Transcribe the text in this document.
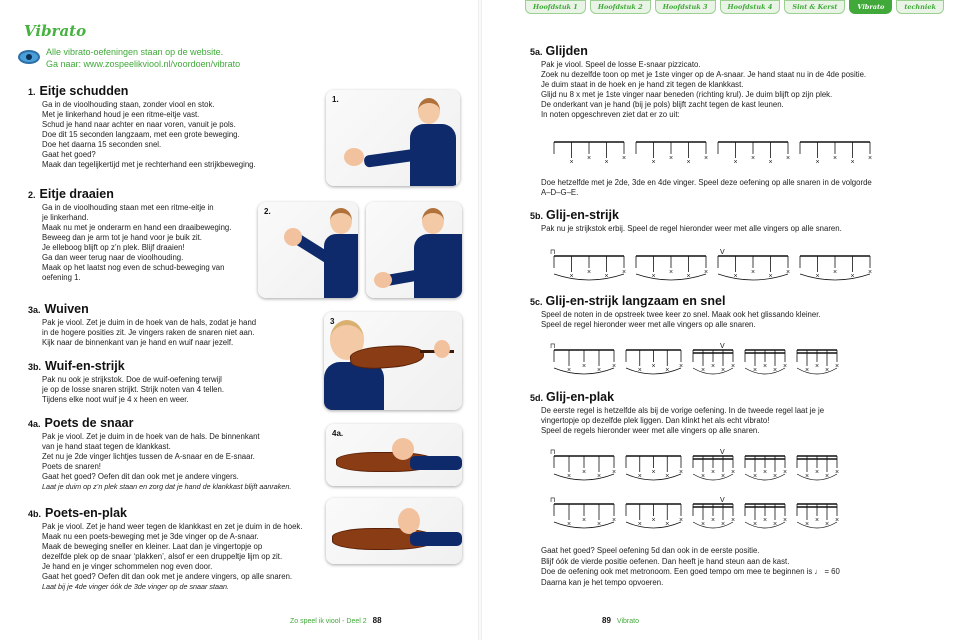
Vibrato
Alle vibrato-oefeningen staan op de website.
Ga naar: www.zospeelikviool.nl/voordoen/vibrato
1. Eitje schudden

Ga in de vioolhouding staan, zonder viool en stok.

Met je linkerhand houd je een ritme-eitje vast.

Schud je hand naar achter en naar voren, vanuit je pols.

Doe dit 15 seconden langzaam, met een grote beweging.

Doe het daarna 15 seconden snel.

Gaat het goed?

Maak dan tegelijkertijd met je rechterhand een strijkbeweging.

2. Eitje draaien

Ga in de vioolhouding staan met een ritme-eitje in

je linkerhand.

Maak nu met je onderarm en hand een draaibeweging.

Beweeg dan je arm tot je hand voor je buik zit.

Je elleboog blijft op z’n plek. Blijf draaien!

Ga dan weer terug naar de vioolhouding.

Maak op het laatst nog even de schud-beweging van

oefening 1.

3a. Wuiven

Pak je viool. Zet je duim in de hoek van de hals, zodat je hand

in de hogere posities zit. Je vingers raken de snaren niet aan.

Kijk naar de binnenkant van je hand en wuif naar jezelf.

3b. Wuif-en-strijk

Pak nu ook je strijkstok. Doe de wuif-oefening terwijl

je op de losse snaren strijkt. Strijk noten van 4 tellen.

Tijdens elke noot wuif je 4 x heen en weer.

4a. Poets de snaar

Pak je viool. Zet je duim in de hoek van de hals. De binnenkant

van je hand staat tegen de klankkast.

Zet nu je 2de vinger lichtjes tussen de A-snaar en de E-snaar.

Poets de snaren!

Gaat het goed? Oefen dit dan ook met je andere vingers.

Laat je duim op z’n plek staan en zorg dat je hand de klankkast blijft aanraken.

4b. Poets-en-plak

Pak je viool. Zet je hand weer tegen de klankkast en zet je duim in de hoek.

Maak nu een poets-beweging met je 3de vinger op de A-snaar.

Maak de beweging sneller en kleiner. Laat dan je vingertopje op

dezelfde plek op de snaar ‘plakken’, alsof er een druppeltje lijm op zit.

Je hand en je vinger schommelen nog even door.

Gaat het goed? Oefen dit dan ook met je andere vingers, op alle snaren.

Laat bij je 4de vinger óók de 3de vinger op de snaar staan.

1.
2.
3
4a.
Zo speel ik viool - Deel 2 88
Hoofdstuk 1	Hoofdstuk 2	Hoofdstuk 3	Hoofdstuk 4	Sint & Kerst	Vibrato	techniek
5a. Glijden

Pak je viool. Speel de losse E-snaar pizzicato.

Zoek nu dezelfde toon op met je 1ste vinger op de A-snaar. Je hand staat nu in de 4de positie.

Je duim staat in de hoek en je hand zit tegen de klankkast.

Glijd nu 8 x met je 1ste vinger naar beneden (richting krul). Je duim blijft op zijn plek.

De onderkant van je hand (bij je pols) blijft zacht tegen de kast leunen.

In noten opgeschreven ziet dat er zo uit:

×
×
×
×
×
×
×
×
×
×
×
×
×
×
×
×

Doe hetzelfde met je 2de, 3de en 4de vinger. Speel deze oefening op alle snaren in de volgorde

A–D–G–E.

5b. Glij-en-strijk

Pak nu je strijkstok erbij. Speel de regel hieronder weer met alle vingers op alle snaren.

⊓	V
×
×
×
×
×
×
×
×
×
×
×
×
×
×
×
×
5c. Glij-en-strijk langzaam en snel

Speel de noten in de opstreek twee keer zo snel. Maak ook het glissando kleiner.

Speel de regel hieronder weer met alle vingers op alle snaren.

⊓	V
×
×
×
×
×
×
×
×
×
×
×
×
×
×
×
×
×
×
×
×
5d. Glij-en-plak

De eerste regel is hetzelfde als bij de vorige oefening. In de tweede regel laat je je

vingertopje op dezelfde plek liggen. Dan klinkt het als echt vibrato!

Speel de regels hieronder weer met alle vingers op alle snaren.

⊓	V
×
×
×
×
×
×
×
×
×
×
×
×
×
×
×
×
×
×
×
×
⊓	V
×
×
×
×
×
×
×
×
×
×
×
×
×
×
×
×
×
×
×
×

Gaat het goed? Speel oefening 5d dan ook in de eerste positie.

Blijf óók de vierde positie oefenen. Dan heeft je hand steun aan de kast.

Doe de oefening ook met metronoom. Een goed tempo om mee te beginnen is ♩ = 60

Daarna kan je het tempo opvoeren.

89 Vibrato
